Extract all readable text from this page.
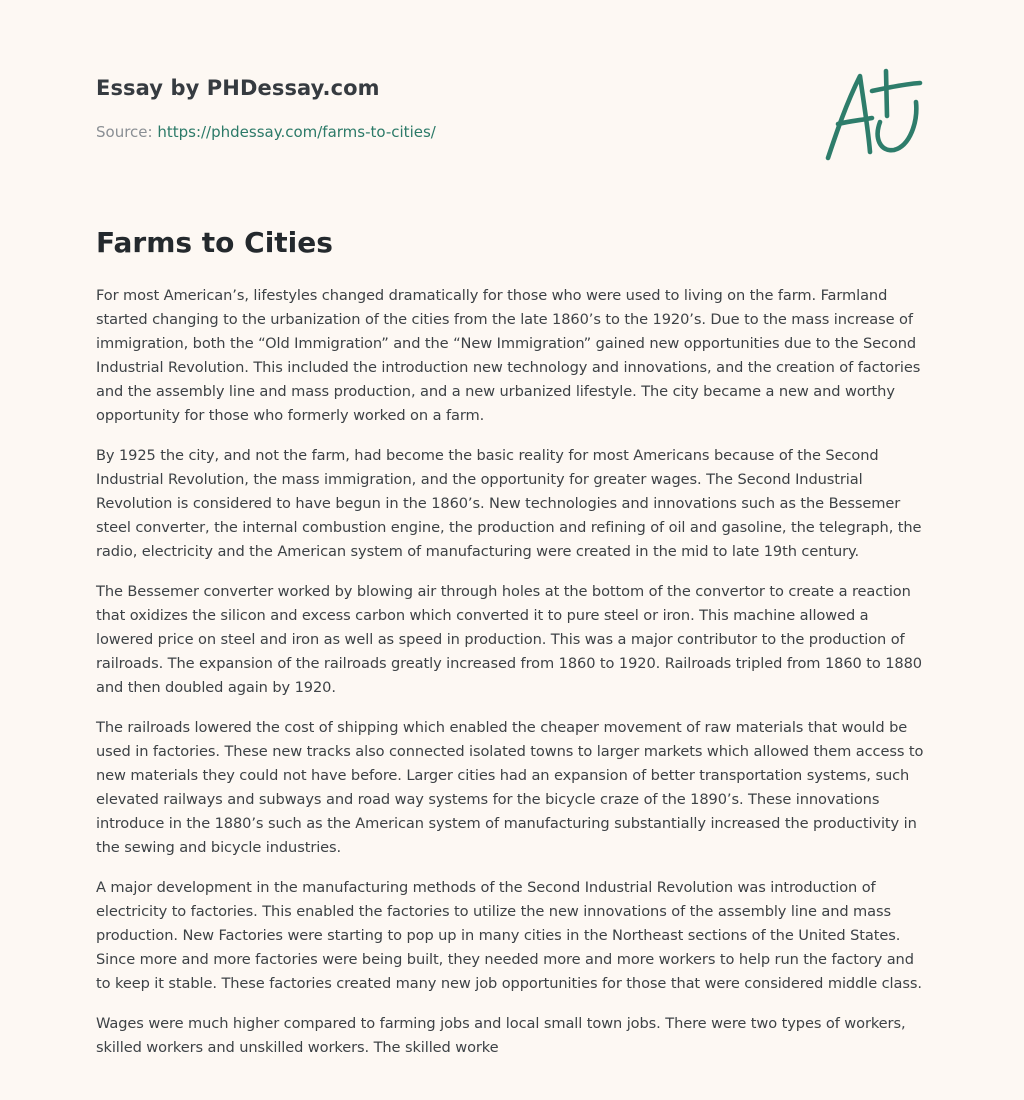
Essay by PHDessay.com
Source: https://phdessay.com/farms-to-cities/
Farms to Cities

For most American’s, lifestyles changed dramatically for those who were used to living on the farm. Farmland started changing to the urbanization of the cities from the late 1860’s to the 1920’s. Due to the mass increase of immigration, both the “Old Immigration” and the “New Immigration” gained new opportunities due to the Second Industrial Revolution. This included the introduction new technology and innovations, and the creation of factories and the assembly line and mass production, and a new urbanized lifestyle. The city became a new and worthy opportunity for those who formerly worked on a farm.

By 1925 the city, and not the farm, had become the basic reality for most Americans because of the Second Industrial Revolution, the mass immigration, and the opportunity for greater wages. The Second Industrial Revolution is considered to have begun in the 1860’s. New technologies and innovations such as the Bessemer steel converter, the internal combustion engine, the production and refining of oil and gasoline, the telegraph, the radio, electricity and the American system of manufacturing were created in the mid to late 19th century.

The Bessemer converter worked by blowing air through holes at the bottom of the convertor to create a reaction that oxidizes the silicon and excess carbon which converted it to pure steel or iron. This machine allowed a lowered price on steel and iron as well as speed in production. This was a major contributor to the production of railroads. The expansion of the railroads greatly increased from 1860 to 1920. Railroads tripled from 1860 to 1880 and then doubled again by 1920.

The railroads lowered the cost of shipping which enabled the cheaper movement of raw materials that would be used in factories. These new tracks also connected isolated towns to larger markets which allowed them access to new materials they could not have before. Larger cities had an expansion of better transportation systems, such elevated railways and subways and road way systems for the bicycle craze of the 1890’s. These innovations introduce in the 1880’s such as the American system of manufacturing substantially increased the productivity in the sewing and bicycle industries.

A major development in the manufacturing methods of the Second Industrial Revolution was introduction of electricity to factories. This enabled the factories to utilize the new innovations of the assembly line and mass production. New Factories were starting to pop up in many cities in the Northeast sections of the United States. Since more and more factories were being built, they needed more and more workers to help run the factory and to keep it stable. These factories created many new job opportunities for those that were considered middle class.

Wages were much higher compared to farming jobs and local small town jobs. There were two types of workers, skilled workers and unskilled workers. The skilled worke
